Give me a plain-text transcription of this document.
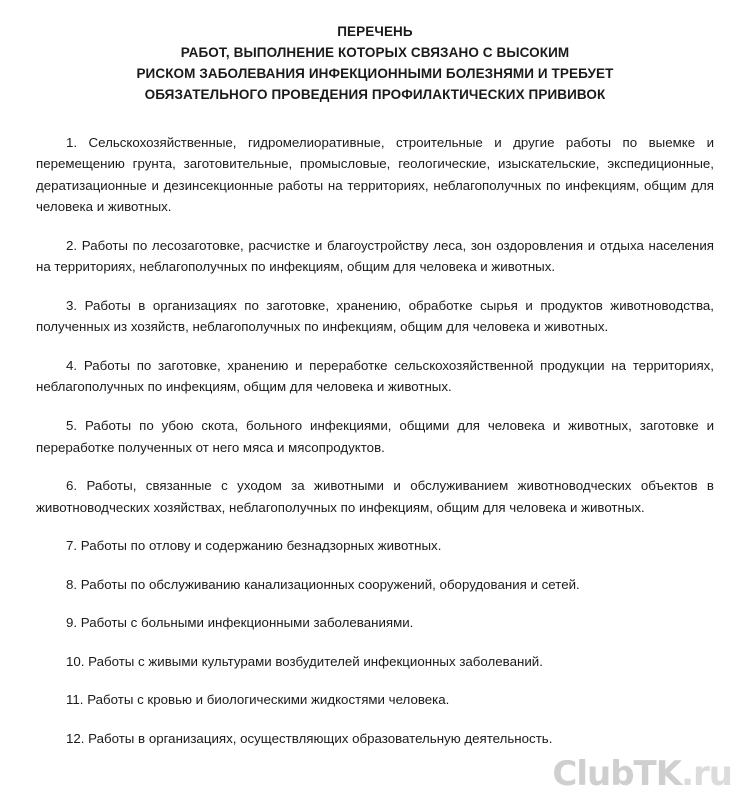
ПЕРЕЧЕНЬ
РАБОТ, ВЫПОЛНЕНИЕ КОТОРЫХ СВЯЗАНО С ВЫСОКИМ
РИСКОМ ЗАБОЛЕВАНИЯ ИНФЕКЦИОННЫМИ БОЛЕЗНЯМИ И ТРЕБУЕТ
ОБЯЗАТЕЛЬНОГО ПРОВЕДЕНИЯ ПРОФИЛАКТИЧЕСКИХ ПРИВИВОК

1. Сельскохозяйственные, гидромелиоративные, строительные и другие работы по выемке и перемещению грунта, заготовительные, промысловые, геологические, изыскательские, экспедиционные, дератизационные и дезинсекционные работы на территориях, неблагополучных по инфекциям, общим для человека и животных.

2. Работы по лесозаготовке, расчистке и благоустройству леса, зон оздоровления и отдыха населения на территориях, неблагополучных по инфекциям, общим для человека и животных.

3. Работы в организациях по заготовке, хранению, обработке сырья и продуктов животноводства, полученных из хозяйств, неблагополучных по инфекциям, общим для человека и животных.

4. Работы по заготовке, хранению и переработке сельскохозяйственной продукции на территориях, неблагополучных по инфекциям, общим для человека и животных.

5. Работы по убою скота, больного инфекциями, общими для человека и животных, заготовке и переработке полученных от него мяса и мясопродуктов.

6. Работы, связанные с уходом за животными и обслуживанием животноводческих объектов в животноводческих хозяйствах, неблагополучных по инфекциям, общим для человека и животных.

7. Работы по отлову и содержанию безнадзорных животных.

8. Работы по обслуживанию канализационных сооружений, оборудования и сетей.

9. Работы с больными инфекционными заболеваниями.

10. Работы с живыми культурами возбудителей инфекционных заболеваний.

11. Работы с кровью и биологическими жидкостями человека.

12. Работы в организациях, осуществляющих образовательную деятельность.

ClubTK.ru
